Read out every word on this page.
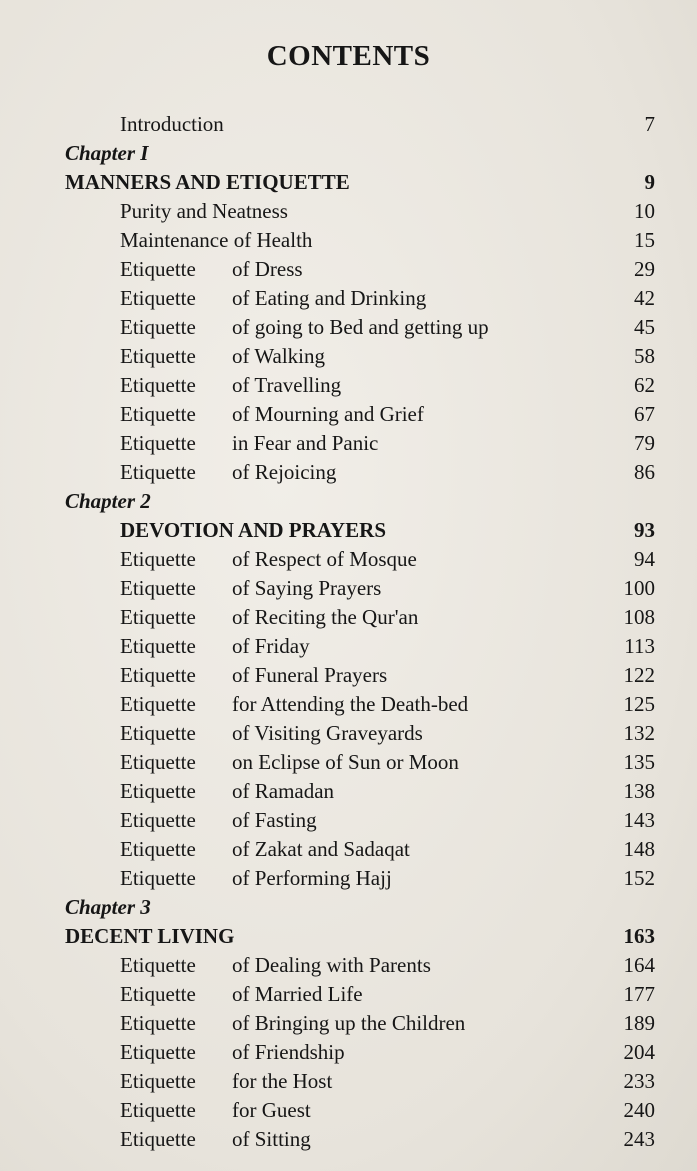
CONTENTS
Introduction	7
Chapter I
MANNERS AND ETIQUETTE	9
Purity and Neatness	10
Maintenance of Health	15
Etiquette of Dress	29
Etiquette of Eating and Drinking	42
Etiquette of going to Bed and getting up	45
Etiquette of Walking	58
Etiquette of Travelling	62
Etiquette of Mourning and Grief	67
Etiquette in Fear and Panic	79
Etiquette of Rejoicing	86
Chapter 2
DEVOTION AND PRAYERS	93
Etiquette of Respect of Mosque	94
Etiquette of Saying Prayers	100
Etiquette of Reciting the Qur'an	108
Etiquette of Friday	113
Etiquette of Funeral Prayers	122
Etiquette for Attending the Death-bed	125
Etiquette of Visiting Graveyards	132
Etiquette on Eclipse of Sun or Moon	135
Etiquette of Ramadan	138
Etiquette of Fasting	143
Etiquette of Zakat and Sadaqat	148
Etiquette of Performing Hajj	152
Chapter 3
DECENT LIVING	163
Etiquette of Dealing with Parents	164
Etiquette of Married Life	177
Etiquette of Bringing up the Children	189
Etiquette of Friendship	204
Etiquette for the Host	233
Etiquette for Guest	240
Etiquette of Sitting	243
